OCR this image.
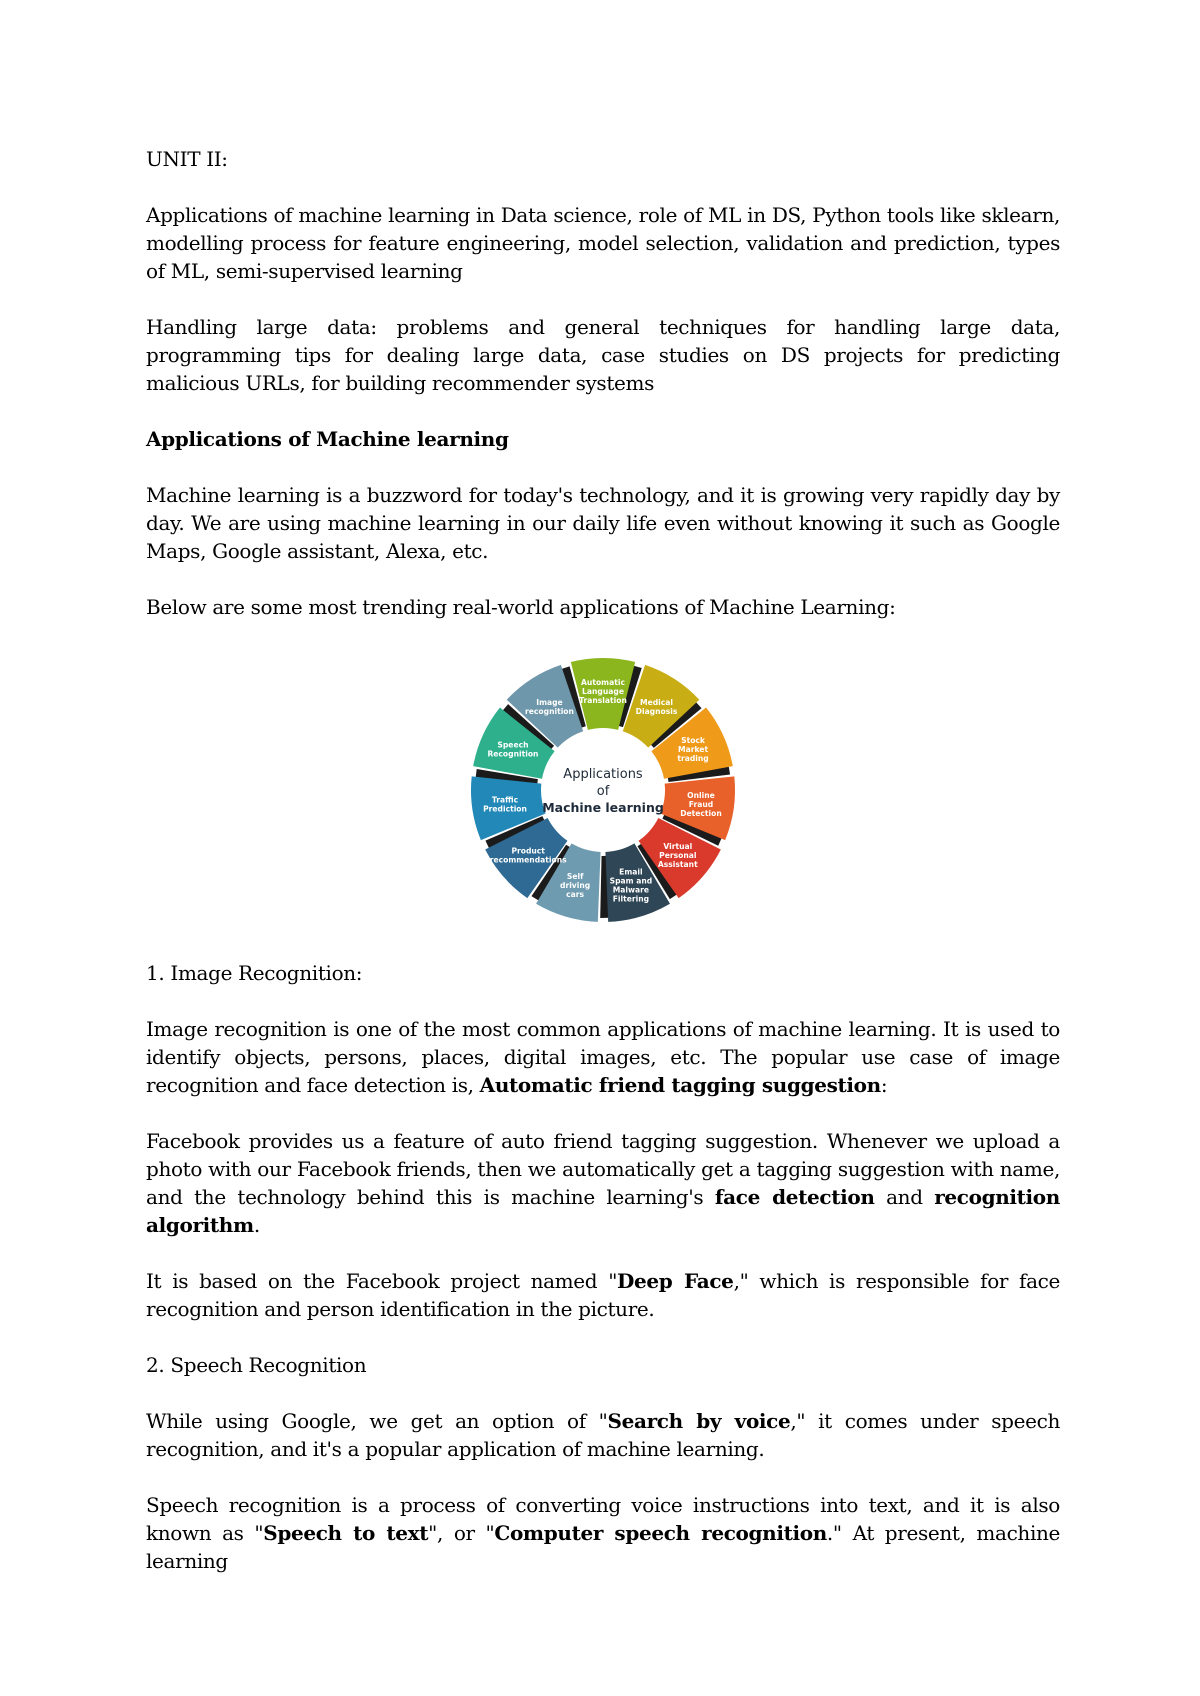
UNIT II:

Applications of machine learning in Data science, role of ML in DS, Python tools like sklearn, modelling process for feature engineering, model selection, validation and prediction, types of ML, semi-supervised learning

Handling large data: problems and general techniques for handling large data, programming tips for dealing large data, case studies on DS projects for predicting malicious URLs, for building recommender systems

Applications of Machine learning

Machine learning is a buzzword for today's technology, and it is growing very rapidly day by day. We are using machine learning in our daily life even without knowing it such as Google Maps, Google assistant, Alexa, etc.

Below are some most trending real-world applications of Machine Learning:

Automatic Language Translation	Medical Diagnosis
Stock Market trading
Online Fraud Detection
Virtual Personal Assistant
Email Spam and Malware Filtering
Self driving cars
Product recommendations
Traffic Prediction
Speech Recognition
Image recognition
Applications
of
Machine learning

1. Image Recognition:

Image recognition is one of the most common applications of machine learning. It is used to identify objects, persons, places, digital images, etc. The popular use case of image recognition and face detection is, Automatic friend tagging suggestion:

Facebook provides us a feature of auto friend tagging suggestion. Whenever we upload a photo with our Facebook friends, then we automatically get a tagging suggestion with name, and the technology behind this is machine learning's face detection and recognition algorithm.

It is based on the Facebook project named "Deep Face," which is responsible for face recognition and person identification in the picture.

2. Speech Recognition

While using Google, we get an option of "Search by voice," it comes under speech recognition, and it's a popular application of machine learning.

Speech recognition is a process of converting voice instructions into text, and it is also known as "Speech to text", or "Computer speech recognition." At present, machine learning
